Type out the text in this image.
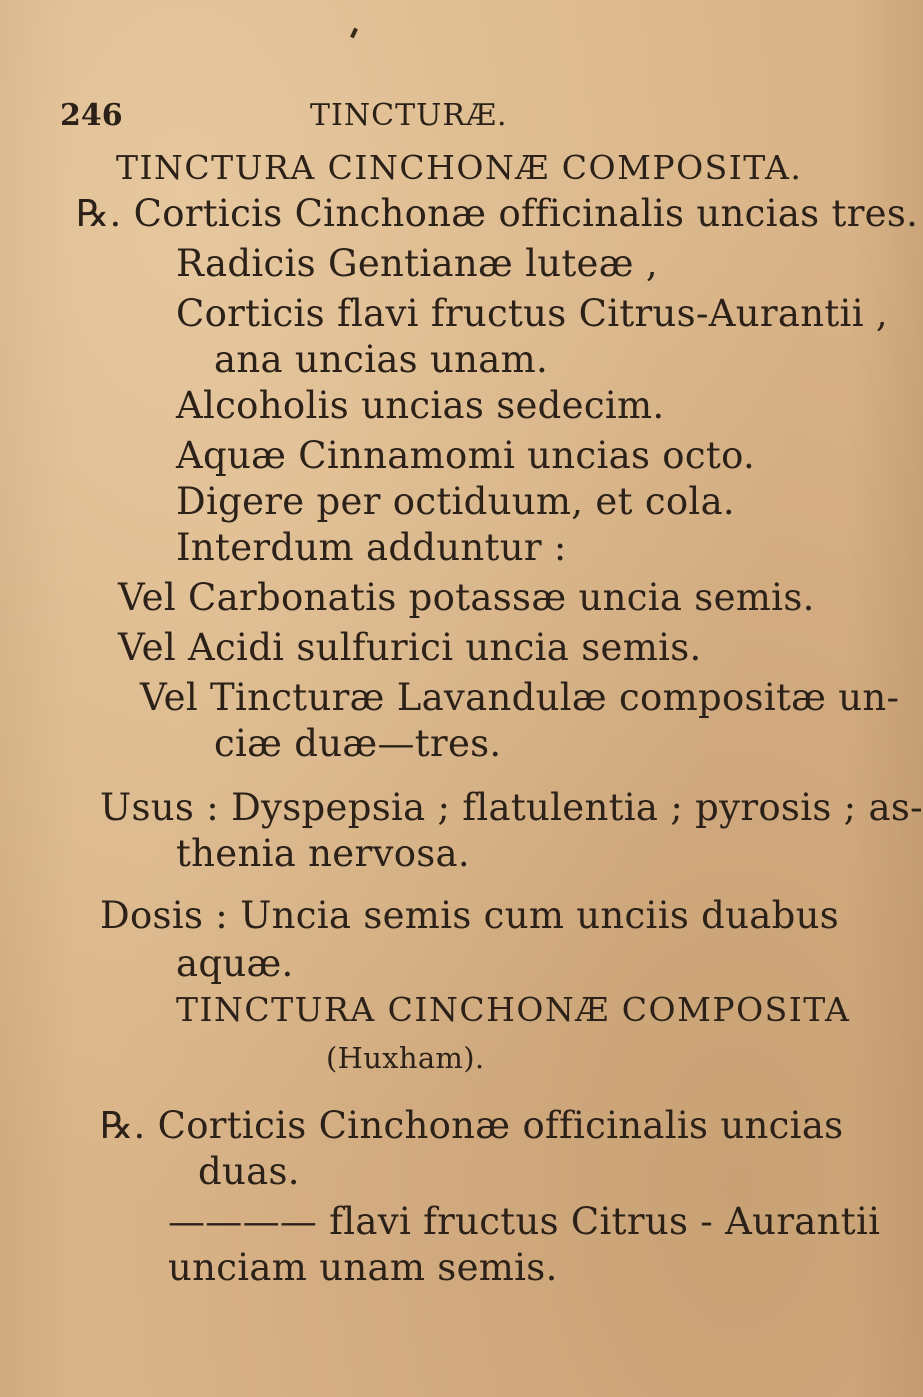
246	TINCTURÆ.
TINCTURA CINCHONÆ COMPOSITA.
℞. Corticis Cinchonæ officinalis uncias tres.
Radicis Gentianæ luteæ ,
Corticis flavi fructus Citrus-Aurantii ,
ana uncias unam.
Alcoholis uncias sedecim.
Aquæ Cinnamomi uncias octo.
Digere per octiduum, et cola.
Interdum adduntur :
Vel Carbonatis potassæ uncia semis.
Vel Acidi sulfurici uncia semis.
Vel Tincturæ Lavandulæ compositæ un-
ciæ duæ—tres.
Usus : Dyspepsia ; flatulentia ; pyrosis ; as-
thenia nervosa.
Dosis : Uncia semis cum unciis duabus
aquæ.
TINCTURA CINCHONÆ COMPOSITA
(Huxham).
℞. Corticis Cinchonæ officinalis uncias
duas.
———— flavi fructus Citrus - Aurantii
unciam unam semis.
